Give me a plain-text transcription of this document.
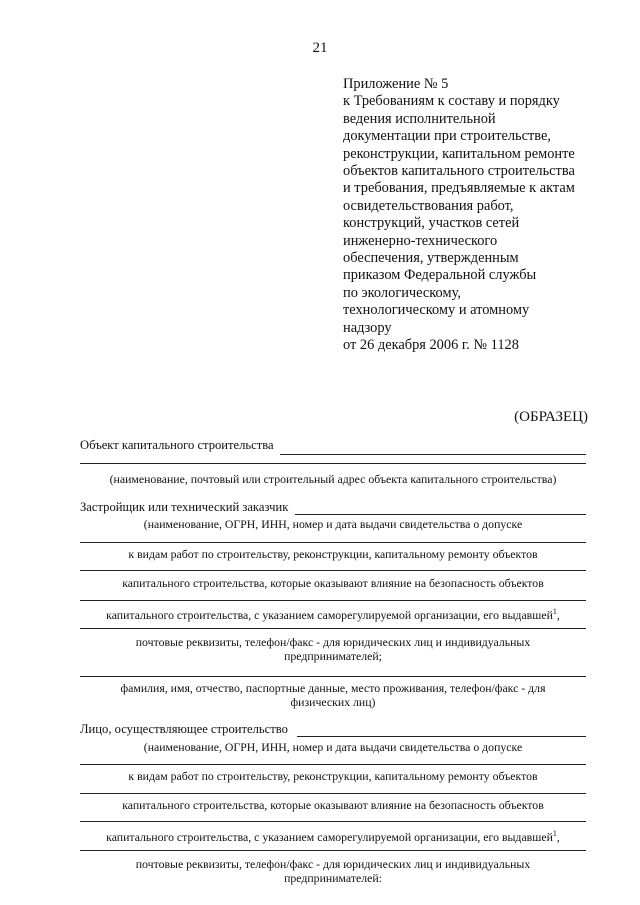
21
Приложение № 5
к Требованиям к составу и порядку
ведения исполнительной
документации при строительстве,
реконструкции, капитальном ремонте
объектов капитального строительства
и требования, предъявляемые к актам
освидетельствования работ,
конструкций, участков сетей
инженерно-технического
обеспечения, утвержденным
приказом Федеральной службы
по экологическому,
технологическому и атомному
надзору
от 26 декабря 2006 г. № 1128
(ОБРАЗЕЦ)
Объект капитального строительства
(наименование, почтовый или строительный адрес объекта капитального строительства)
Застройщик или технический заказчик
(наименование, ОГРН, ИНН, номер и дата выдачи свидетельства о допуске
к видам работ по строительству, реконструкции, капитальному ремонту объектов
капитального строительства, которые оказывают влияние на безопасность объектов
капитального строительства, с указанием саморегулируемой организации, его выдавшей$^1$,
почтовые реквизиты, телефон/факс - для юридических лиц и индивидуальных
предпринимателей;
фамилия, имя, отчество, паспортные данные, место проживания, телефон/факс - для
физических лиц)
Лицо, осуществляющее строительство
(наименование, ОГРН, ИНН, номер и дата выдачи свидетельства о допуске
к видам работ по строительству, реконструкции, капитальному ремонту объектов
капитального строительства, которые оказывают влияние на безопасность объектов
капитального строительства, с указанием саморегулируемой организации, его выдавшей$^1$,
почтовые реквизиты, телефон/факс - для юридических лиц и индивидуальных
предпринимателей:
